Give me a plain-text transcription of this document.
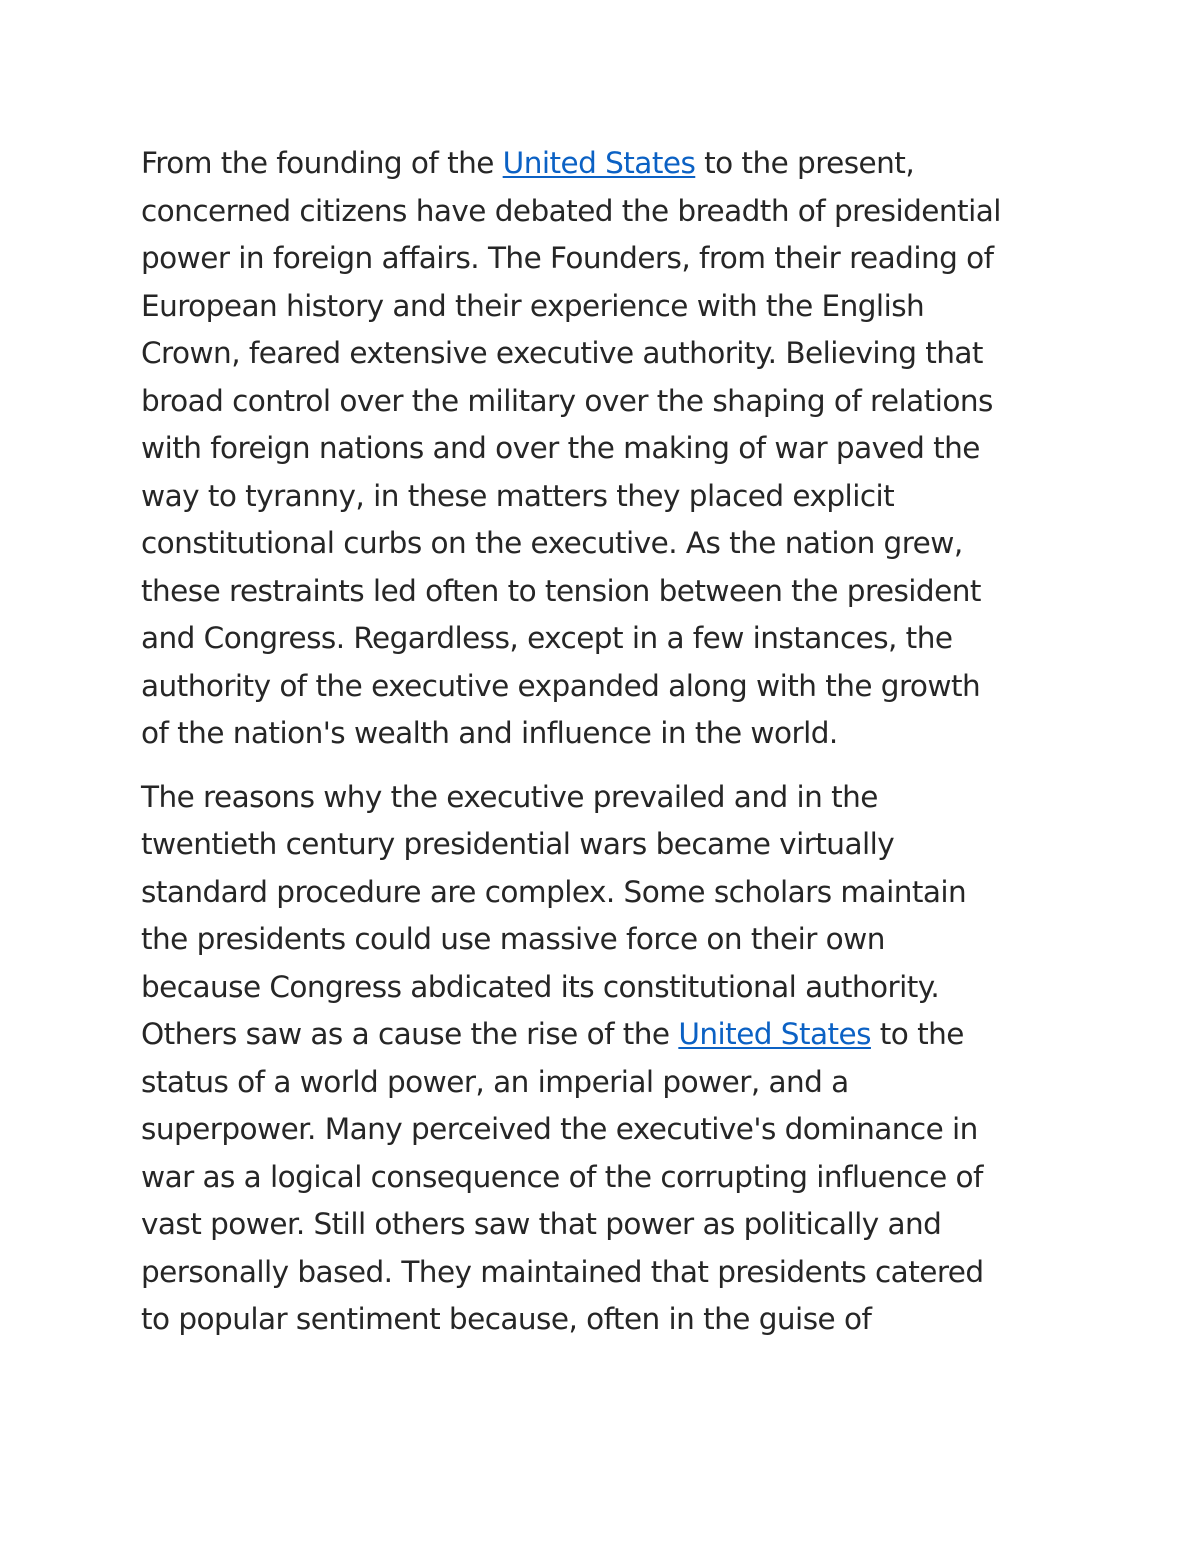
From the founding of the United States to the present,
concerned citizens have debated the breadth of presidential
power in foreign affairs. The Founders, from their reading of
European history and their experience with the English
Crown, feared extensive executive authority. Believing that
broad control over the military over the shaping of relations
with foreign nations and over the making of war paved the
way to tyranny, in these matters they placed explicit
constitutional curbs on the executive. As the nation grew,
these restraints led often to tension between the president
and Congress. Regardless, except in a few instances, the
authority of the executive expanded along with the growth
of the nation's wealth and influence in the world.

The reasons why the executive prevailed and in the
twentieth century presidential wars became virtually
standard procedure are complex. Some scholars maintain
the presidents could use massive force on their own
because Congress abdicated its constitutional authority.
Others saw as a cause the rise of the United States to the
status of a world power, an imperial power, and a
superpower. Many perceived the executive's dominance in
war as a logical consequence of the corrupting influence of
vast power. Still others saw that power as politically and
personally based. They maintained that presidents catered
to popular sentiment because, often in the guise of
